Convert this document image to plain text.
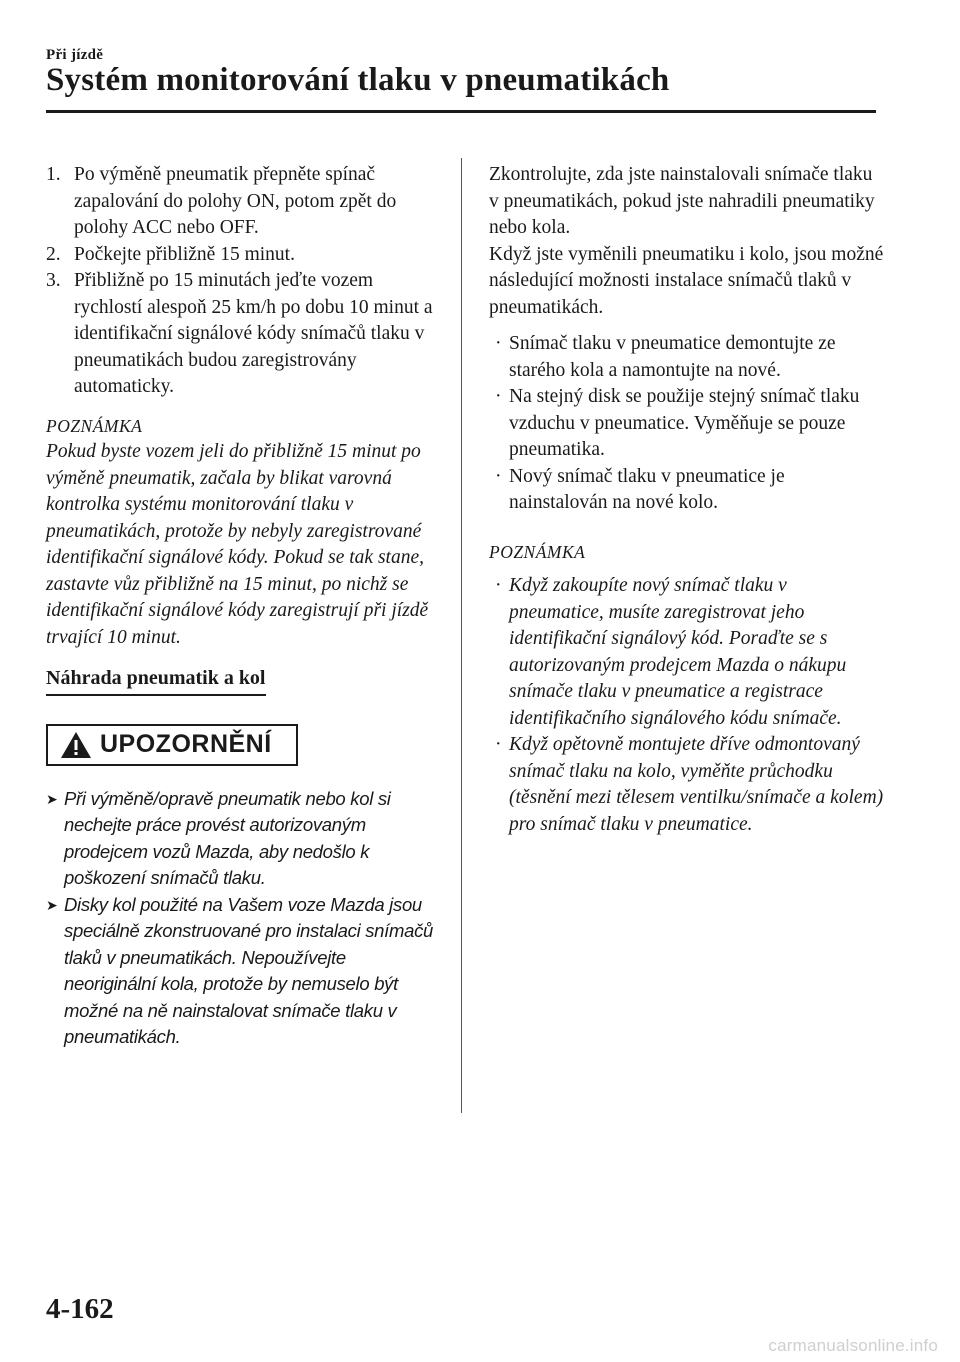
Při jízdě
Systém monitorování tlaku v pneumatikách
1. Po výměně pneumatik přepněte spínač zapalování do polohy ON, potom zpět do polohy ACC nebo OFF.
2. Počkejte přibližně 15 minut.
3. Přibližně po 15 minutách jeďte vozem rychlostí alespoň 25 km/h po dobu 10 minut a identifikační signálové kódy snímačů tlaku v pneumatikách budou zaregistrovány automaticky.
POZNÁMKA
Pokud byste vozem jeli do přibližně 15 minut po výměně pneumatik, začala by blikat varovná kontrolka systému monitorování tlaku v pneumatikách, protože by nebyly zaregistrované identifikační signálové kódy. Pokud se tak stane, zastavte vůz přibližně na 15 minut, po nichž se identifikační signálové kódy zaregistrují při jízdě trvající 10 minut.
Náhrada pneumatik a kol
UPOZORNĚNÍ
➤ Při výměně/opravě pneumatik nebo kol si nechejte práce provést autorizovaným prodejcem vozů Mazda, aby nedošlo k poškození snímačů tlaku.
➤ Disky kol použité na Vašem voze Mazda jsou speciálně zkonstruované pro instalaci snímačů tlaků v pneumatikách. Nepoužívejte neoriginální kola, protože by nemuselo být možné na ně nainstalovat snímače tlaku v pneumatikách.
Zkontrolujte, zda jste nainstalovali snímače tlaku v pneumatikách, pokud jste nahradili pneumatiky nebo kola.
Když jste vyměnili pneumatiku i kolo, jsou možné následující možnosti instalace snímačů tlaků v pneumatikách.
· Snímač tlaku v pneumatice demontujte ze starého kola a namontujte na nové.
· Na stejný disk se použije stejný snímač tlaku vzduchu v pneumatice. Vyměňuje se pouze pneumatika.
· Nový snímač tlaku v pneumatice je nainstalován na nové kolo.
POZNÁMKA
· Když zakoupíte nový snímač tlaku v pneumatice, musíte zaregistrovat jeho identifikační signálový kód. Poraďte se s autorizovaným prodejcem Mazda o nákupu snímače tlaku v pneumatice a registrace identifikačního signálového kódu snímače.
· Když opětovně montujete dříve odmontovaný snímač tlaku na kolo, vyměňte průchodku (těsnění mezi tělesem ventilku/snímače a kolem) pro snímač tlaku v pneumatice.
4-162
carmanualsonline.info
